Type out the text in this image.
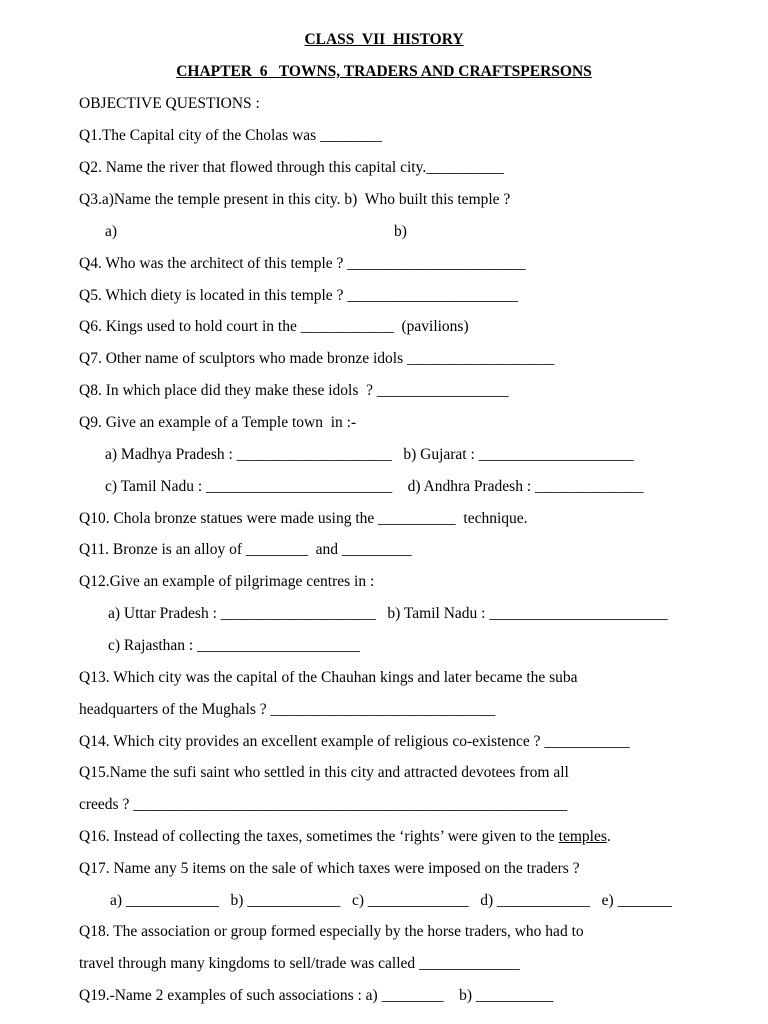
CLASS  VII  HISTORY
CHAPTER  6   TOWNS, TRADERS AND CRAFTSPERSONS
OBJECTIVE QUESTIONS :
Q1.The Capital city of the Cholas was ________
Q2. Name the river that flowed through this capital city.__________
Q3.a)Name the temple present in this city. b)  Who built this temple ?
a)	b)
Q4. Who was the architect of this temple ? _______________________
Q5. Which diety is located in this temple ? ______________________
Q6. Kings used to hold court in the ____________  (pavilions)
Q7. Other name of sculptors who made bronze idols ___________________
Q8. In which place did they make these idols  ? _________________
Q9. Give an example of a Temple town  in :-
a) Madhya Pradesh : ____________________   b) Gujarat : ____________________
c) Tamil Nadu : ________________________    d) Andhra Pradesh : ______________
Q10. Chola bronze statues were made using the __________  technique.
Q11. Bronze is an alloy of ________  and _________
Q12.Give an example of pilgrimage centres in :
a) Uttar Pradesh : ____________________   b) Tamil Nadu : _______________________
c) Rajasthan : _____________________
Q13. Which city was the capital of the Chauhan kings and later became the suba
headquarters of the Mughals ? _____________________________
Q14. Which city provides an excellent example of religious co-existence ? ___________
Q15.Name the sufi saint who settled in this city and attracted devotees from all
creeds ? ________________________________________________________
Q16. Instead of collecting the taxes, sometimes the ‘rights’ were given to the temples.
Q17. Name any 5 items on the sale of which taxes were imposed on the traders ?
a) ____________   b) ____________   c) _____________   d) ____________   e) _______
Q18. The association or group formed especially by the horse traders, who had to
travel through many kingdoms to sell/trade was called _____________
Q19.-Name 2 examples of such associations : a) ________    b) __________
